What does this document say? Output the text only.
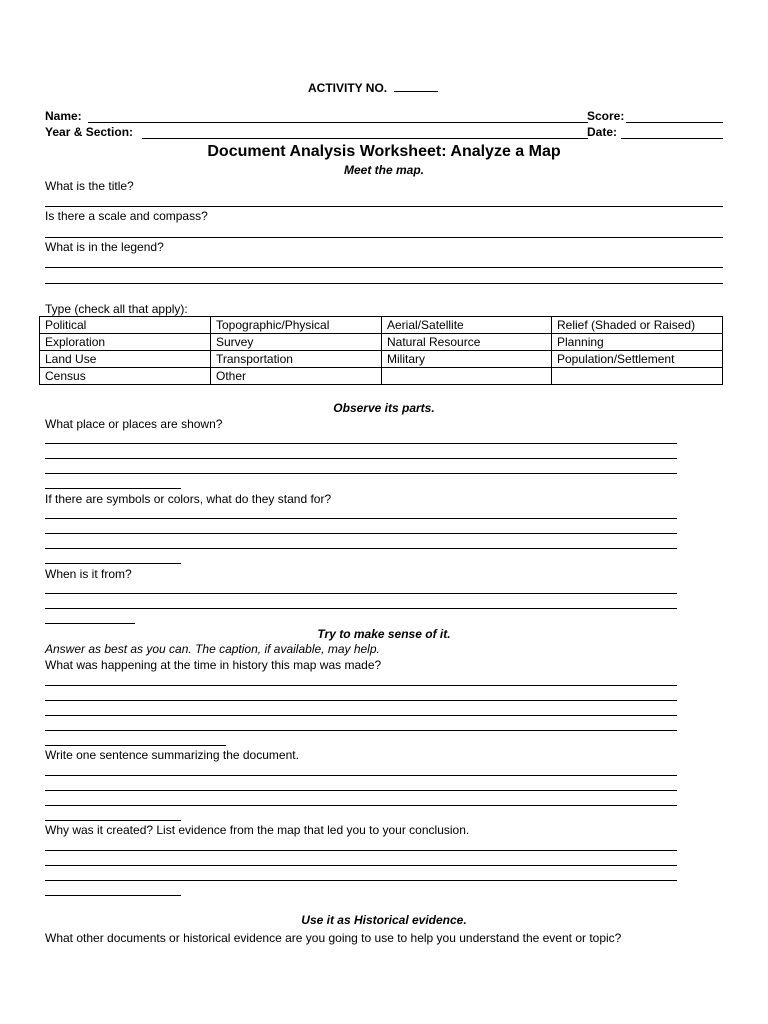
ACTIVITY NO.
Name:	Score:
Year & Section:	Date:
Document Analysis Worksheet: Analyze a Map
Meet the map.
What is the title?
Is there a scale and compass?
What is in the legend?
Type (check all that apply):
Political	Topographic/Physical	Aerial/Satellite	Relief (Shaded or Raised)
Exploration	Survey	Natural Resource	Planning
Land Use	Transportation	Military	Population/Settlement
Census	Other		
Observe its parts.
What place or places are shown?
If there are symbols or colors, what do they stand for?
When is it from?
Try to make sense of it.
Answer as best as you can. The caption, if available, may help.
What was happening at the time in history this map was made?
Write one sentence summarizing the document.
Why was it created? List evidence from the map that led you to your conclusion.
Use it as Historical evidence.
What other documents or historical evidence are you going to use to help you understand the event or topic?
